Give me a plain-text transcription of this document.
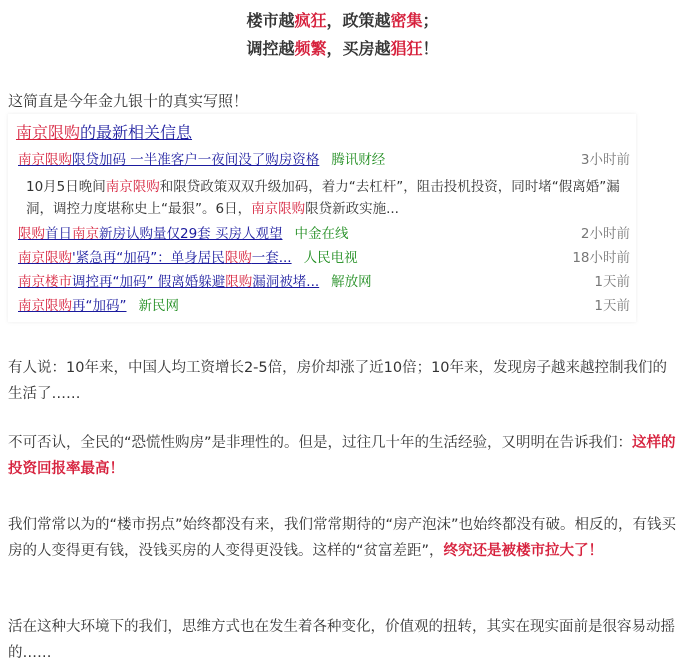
楼市越疯狂，政策越密集；
调控越频繁，买房越猖狂！
这简直是今年金九银十的真实写照！
南京限购的最新相关信息
南京限购限贷加码 一半准客户一夜间没了购房资格 腾讯财经	3小时前
10月5日晚间南京限购和限贷政策双双升级加码，着力“去杠杆”，阻击投机投资，同时堵“假离婚”漏洞，调控力度堪称史上“最狠”。6日，南京限购限贷新政实施...
限购首日南京新房认购量仅29套 买房人观望 中金在线	2小时前
南京限购'紧急再“加码”：单身居民限购一套... 人民电视	18小时前
南京楼市调控再“加码” 假离婚躲避限购漏洞被堵... 解放网	1天前
南京限购再“加码” 新民网	1天前
有人说：10年来，中国人均工资增长2-5倍，房价却涨了近10倍；10年来，发现房子越来越控制我们的生活了……
不可否认，全民的“恐慌性购房”是非理性的。但是，过往几十年的生活经验，又明明在告诉我们：这样的投资回报率最高！
我们常常以为的“楼市拐点”始终都没有来，我们常常期待的“房产泡沫”也始终都没有破。相反的，有钱买房的人变得更有钱，没钱买房的人变得更没钱。这样的“贫富差距”，终究还是被楼市拉大了！
活在这种大环境下的我们，思维方式也在发生着各种变化，价值观的扭转，其实在现实面前是很容易动摇的……
